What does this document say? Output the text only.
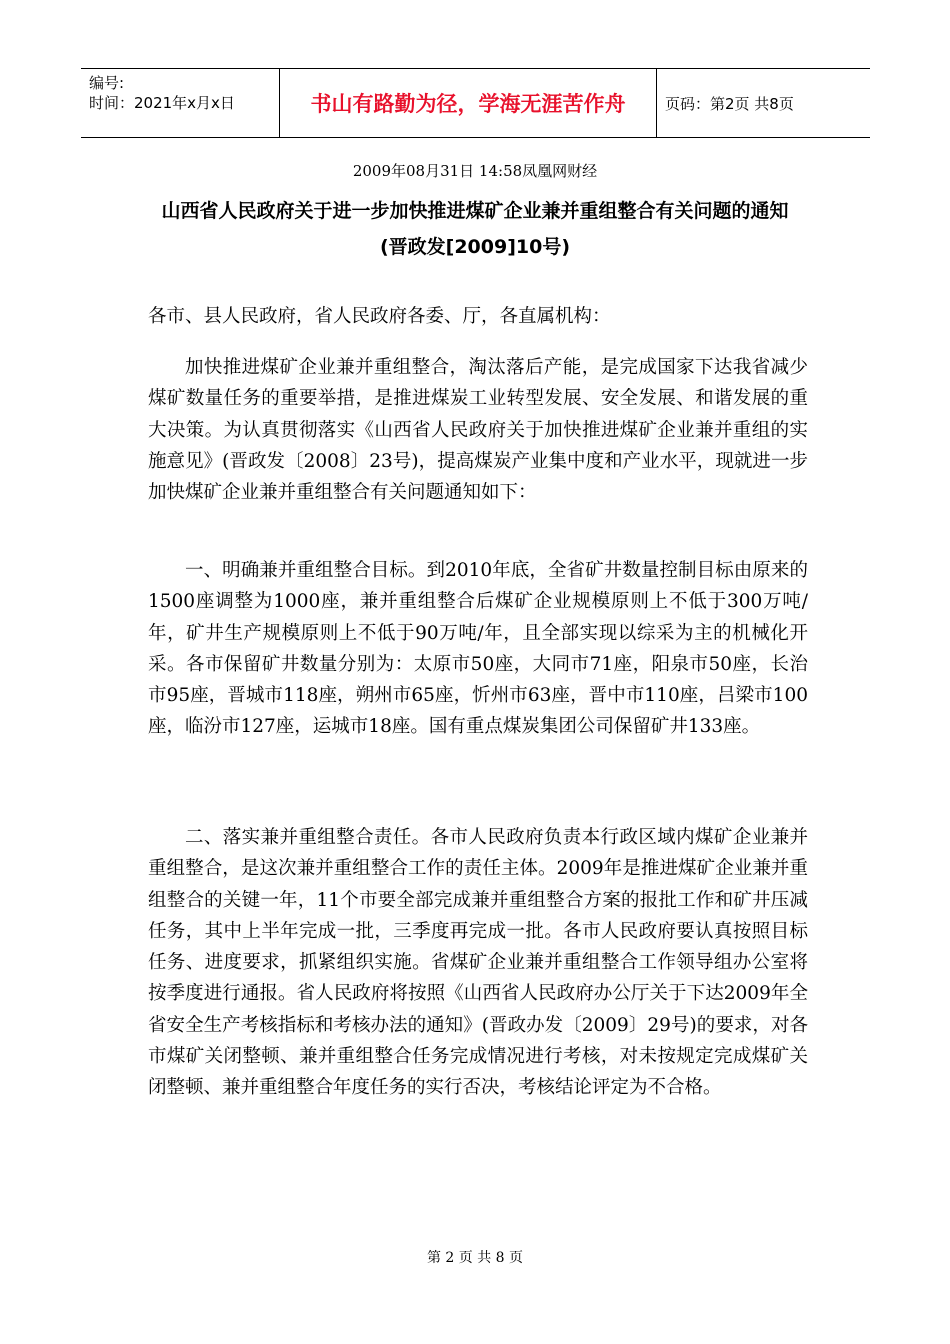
编号:
时间：2021年x月x日	书山有路勤为径，学海无涯苦作舟	页码：第2页 共8页
2009年08月31日 14:58凤凰网财经
山西省人民政府关于进一步加快推进煤矿企业兼并重组整合有关问题的通知
(晋政发[2009]10号)
各市、县人民政府，省人民政府各委、厅，各直属机构：

加快推进煤矿企业兼并重组整合，淘汰落后产能，是完成国家下达我省减少煤矿数量任务的重要举措，是推进煤炭工业转型发展、安全发展、和谐发展的重大决策。为认真贯彻落实《山西省人民政府关于加快推进煤矿企业兼并重组的实施意见》(晋政发〔2008〕23号)，提高煤炭产业集中度和产业水平，现就进一步加快煤矿企业兼并重组整合有关问题通知如下：

一、明确兼并重组整合目标。到2010年底，全省矿井数量控制目标由原来的1500座调整为1000座，兼并重组整合后煤矿企业规模原则上不低于300万吨/年，矿井生产规模原则上不低于90万吨/年，且全部实现以综采为主的机械化开采。各市保留矿井数量分别为：太原市50座，大同市71座，阳泉市50座，长治市95座，晋城市118座，朔州市65座，忻州市63座，晋中市110座，吕梁市100座，临汾市127座，运城市18座。国有重点煤炭集团公司保留矿井133座。

二、落实兼并重组整合责任。各市人民政府负责本行政区域内煤矿企业兼并重组整合，是这次兼并重组整合工作的责任主体。2009年是推进煤矿企业兼并重组整合的关键一年，11个市要全部完成兼并重组整合方案的报批工作和矿井压减任务，其中上半年完成一批，三季度再完成一批。各市人民政府要认真按照目标任务、进度要求，抓紧组织实施。省煤矿企业兼并重组整合工作领导组办公室将按季度进行通报。省人民政府将按照《山西省人民政府办公厅关于下达2009年全省安全生产考核指标和考核办法的通知》(晋政办发〔2009〕29号)的要求，对各市煤矿关闭整顿、兼并重组整合任务完成情况进行考核，对未按规定完成煤矿关闭整顿、兼并重组整合年度任务的实行否决，考核结论评定为不合格。

第 2 页 共 8 页
